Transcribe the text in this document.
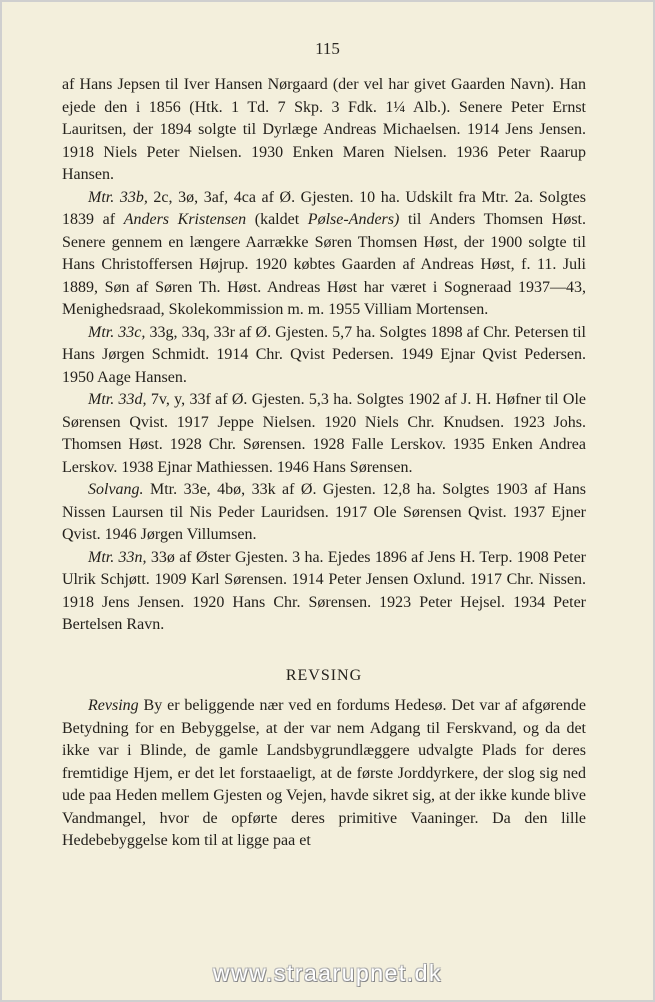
115

af Hans Jepsen til Iver Hansen Nørgaard (der vel har givet Gaarden Navn). Han ejede den i 1856 (Htk. 1 Td. 7 Skp. 3 Fdk. 1¼ Alb.). Senere Peter Ernst Lauritsen, der 1894 solgte til Dyrlæge Andreas Michaelsen. 1914 Jens Jensen. 1918 Niels Peter Nielsen. 1930 Enken Maren Nielsen. 1936 Peter Raarup Hansen.

Mtr. 33b, 2c, 3ø, 3af, 4ca af Ø. Gjesten. 10 ha. Udskilt fra Mtr. 2a. Solgtes 1839 af Anders Kristensen (kaldet Pølse-Anders) til Anders Thomsen Høst. Senere gennem en længere Aarrække Søren Thomsen Høst, der 1900 solgte til Hans Christoffersen Højrup. 1920 købtes Gaarden af Andreas Høst, f. 11. Juli 1889, Søn af Søren Th. Høst. Andreas Høst har været i Sogneraad 1937—43, Menighedsraad, Skolekommission m. m. 1955 Villiam Mortensen.

Mtr. 33c, 33g, 33q, 33r af Ø. Gjesten. 5,7 ha. Solgtes 1898 af Chr. Petersen til Hans Jørgen Schmidt. 1914 Chr. Qvist Pedersen. 1949 Ejnar Qvist Pedersen. 1950 Aage Hansen.

Mtr. 33d, 7v, y, 33f af Ø. Gjesten. 5,3 ha. Solgtes 1902 af J. H. Høfner til Ole Sørensen Qvist. 1917 Jeppe Nielsen. 1920 Niels Chr. Knudsen. 1923 Johs. Thomsen Høst. 1928 Chr. Sørensen. 1928 Falle Lerskov. 1935 Enken Andrea Lerskov. 1938 Ejnar Mathiessen. 1946 Hans Sørensen.

Solvang. Mtr. 33e, 4bø, 33k af Ø. Gjesten. 12,8 ha. Solgtes 1903 af Hans Nissen Laursen til Nis Peder Lauridsen. 1917 Ole Sørensen Qvist. 1937 Ejner Qvist. 1946 Jørgen Villumsen.

Mtr. 33n, 33ø af Øster Gjesten. 3 ha. Ejedes 1896 af Jens H. Terp. 1908 Peter Ulrik Schjøtt. 1909 Karl Sørensen. 1914 Peter Jensen Oxlund. 1917 Chr. Nissen. 1918 Jens Jensen. 1920 Hans Chr. Sørensen. 1923 Peter Hejsel. 1934 Peter Bertelsen Ravn.

REVSING

Revsing By er beliggende nær ved en fordums Hedesø. Det var af afgørende Betydning for en Bebyggelse, at der var nem Adgang til Ferskvand, og da det ikke var i Blinde, de gamle Landsbygrundlæggere udvalgte Plads for deres fremtidige Hjem, er det let forstaaeligt, at de første Jorddyrkere, der slog sig ned ude paa Heden mellem Gjesten og Vejen, havde sikret sig, at der ikke kunde blive Vandmangel, hvor de opførte deres primitive Vaaninger. Da den lille Hedebebyggelse kom til at ligge paa et

www.straarupnet.dk
